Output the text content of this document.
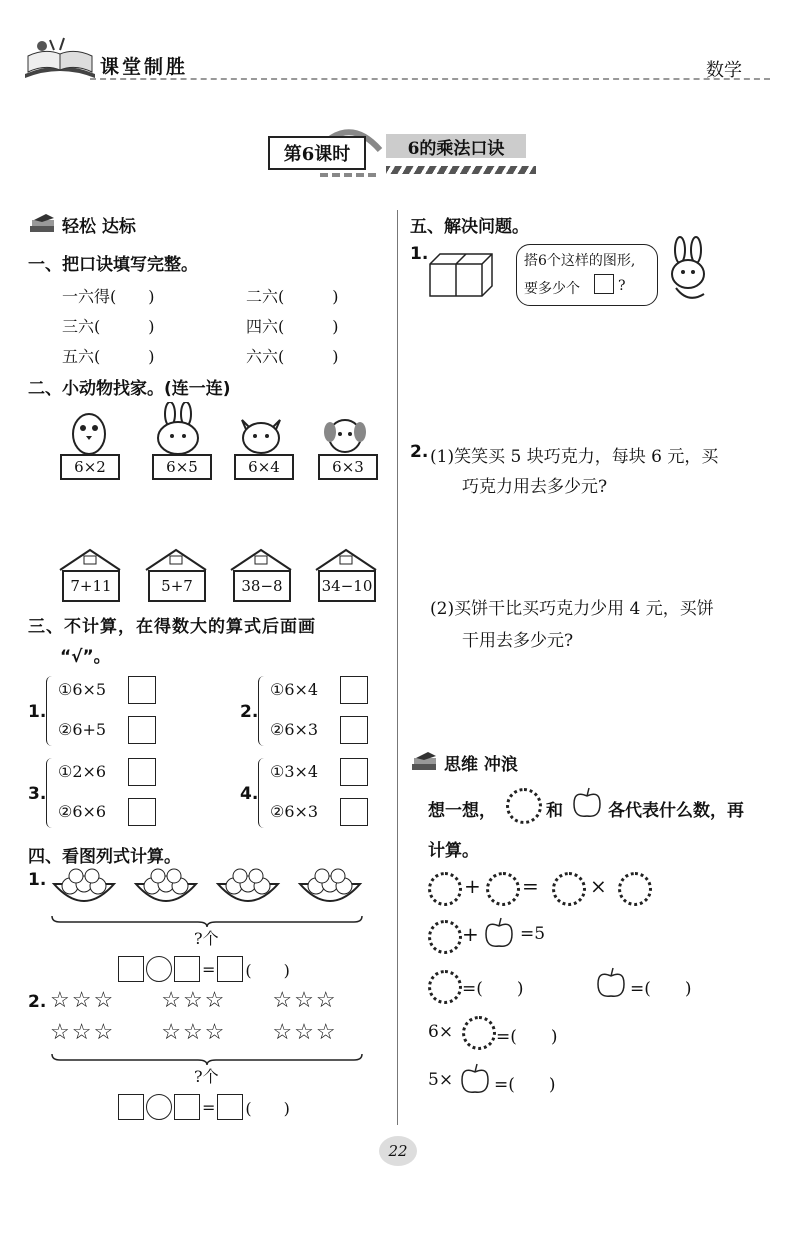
课堂制胜	数学
第6课时	6的乘法口诀
轻松 达标
一、把口诀填写完整。
一六得(　　)	二六(　　　)
三六(　　　)	四六(　　　)
五六(　　　)	六六(　　　)
二、小动物找家。(连一连)
6×2	6×5	6×4	6×3
7+11	5+7	38−8	34−10
三、不计算，在得数大的算式后面画
“√”。
1.
①6×5
②6+5
2.
①6×4
②6×3
3.
①2×6
②6×6
4.
①3×4
②6×3
四、看图列式计算。
1.
?个
= (　　)
2. ☆☆☆ ☆☆☆ ☆☆☆
☆☆☆ ☆☆☆ ☆☆☆
?个
= (　　)
五、解决问题。
1.	搭6个这样的图形,
要多少个	?
2. (1)笑笑买 5 块巧克力，每块 6 元，买
巧克力用去多少元?
(2)买饼干比买巧克力少用 4 元，买饼
干用去多少元?
思维 冲浪
想一想，	和	各代表什么数，再
计算。
+ =	×
+ =5
=(　　)	=(　　)
6×	=(　　)
5× =(　　)
22
